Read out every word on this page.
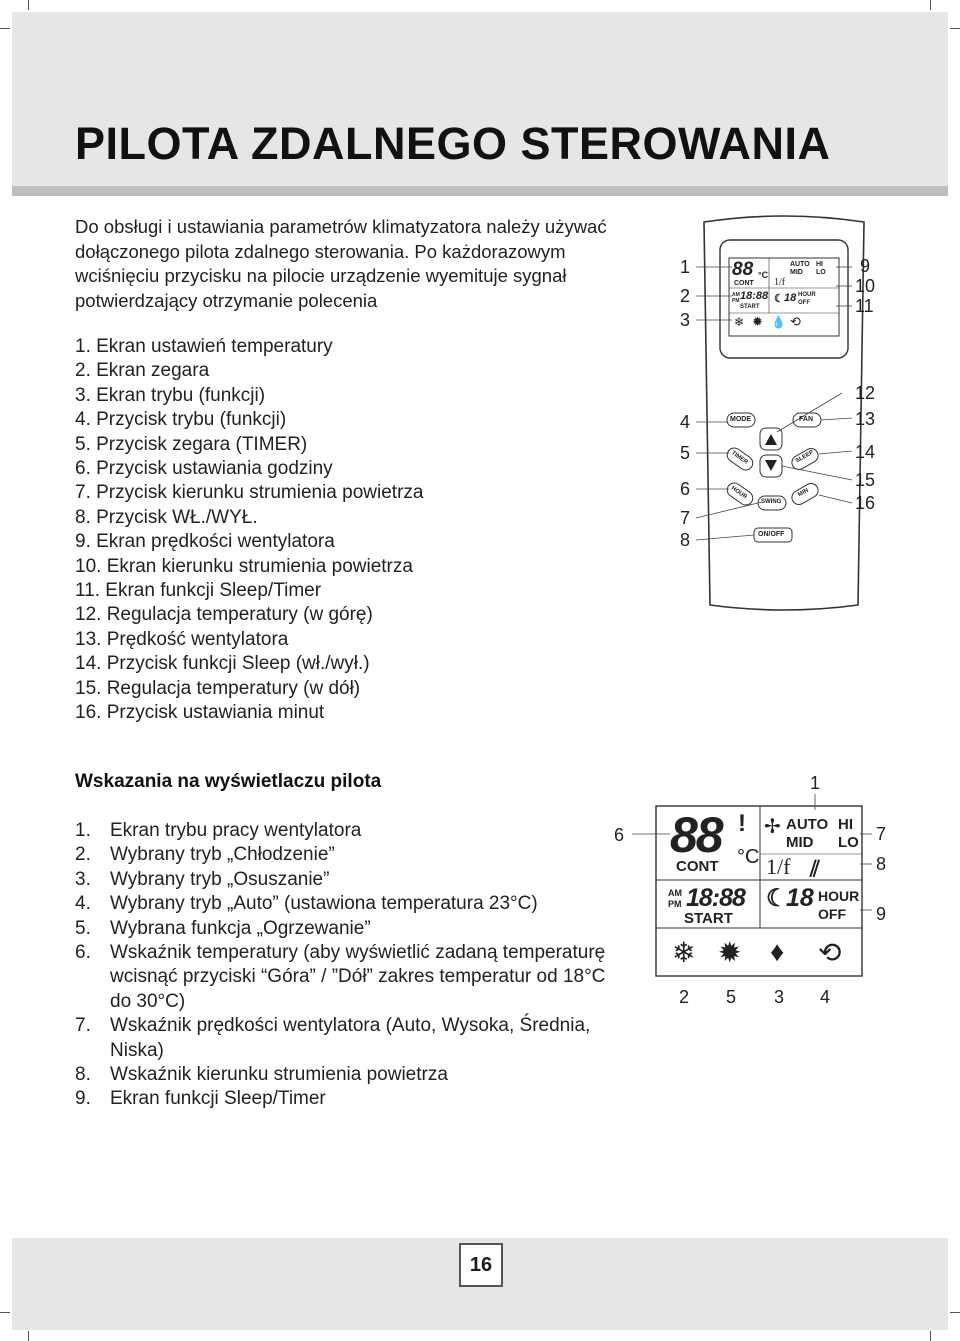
PILOTA ZDALNEGO STEROWANIA

Do obsługi i ustawiania parametrów klimatyzatora należy używać dołączonego pilota zdalnego sterowania. Po każdorazowym wciśnięciu przycisku na pilocie urządzenie wyemituje sygnał potwierdzający otrzymanie polecenia

1. Ekran ustawień temperatury
2. Ekran zegara
3. Ekran trybu (funkcji)
4. Przycisk trybu (funkcji)
5. Przycisk zegara (TIMER)
6. Przycisk ustawiania godziny
7. Przycisk kierunku strumienia powietrza
8. Przycisk WŁ./WYŁ.
9. Ekran prędkości wentylatora
10. Ekran kierunku strumienia powietrza
11. Ekran funkcji Sleep/Timer
12. Regulacja temperatury (w górę)
13. Prędkość wentylatora
14. Przycisk funkcji Sleep (wł./wył.)
15. Regulacja temperatury (w dół)
16. Przycisk ustawiania minut
88 °C
AUTO HI
MID LO
CONT 1/f
AM
PM 18:88
START
☾ 18 HOUR
OFF
❄ ✹ 💧 ⟲
MODE	FAN
TIMER	SLEEP
HOUR
SWING
MIN
ON/OFF
1
2
3
4
5
6
7
8
9
10
11
12
13
14
15
16
Wskazania na wyświetlaczu pilota
1.	Ekran trybu pracy wentylatora
2.	Wybrany tryb „Chłodzenie”
3.	Wybrany tryb „Osuszanie”
4.	Wybrany tryb „Auto” (ustawiona temperatura 23°C)
5.	Wybrana funkcja „Ogrzewanie”
6.	Wskaźnik temperatury (aby wyświetlić zadaną temperaturę wcisnąć przyciski “Góra” / ”Dół” zakres temperatur od 18°C do 30°C)
7.	Wskaźnik prędkości wentylatora (Auto, Wysoka, Średnia, Niska)
8.	Wskaźnik kierunku strumienia powietrza
9.	Ekran funkcji Sleep/Timer
88 °C
! ✢ AUTO HI
MID LO
CONT 1/f ⫽
AM
PM 18:88
START
☾
18 HOUR
OFF
❄ ✹ ♦ ⟲
1
6	7
8
9
2 5 3 4
16
